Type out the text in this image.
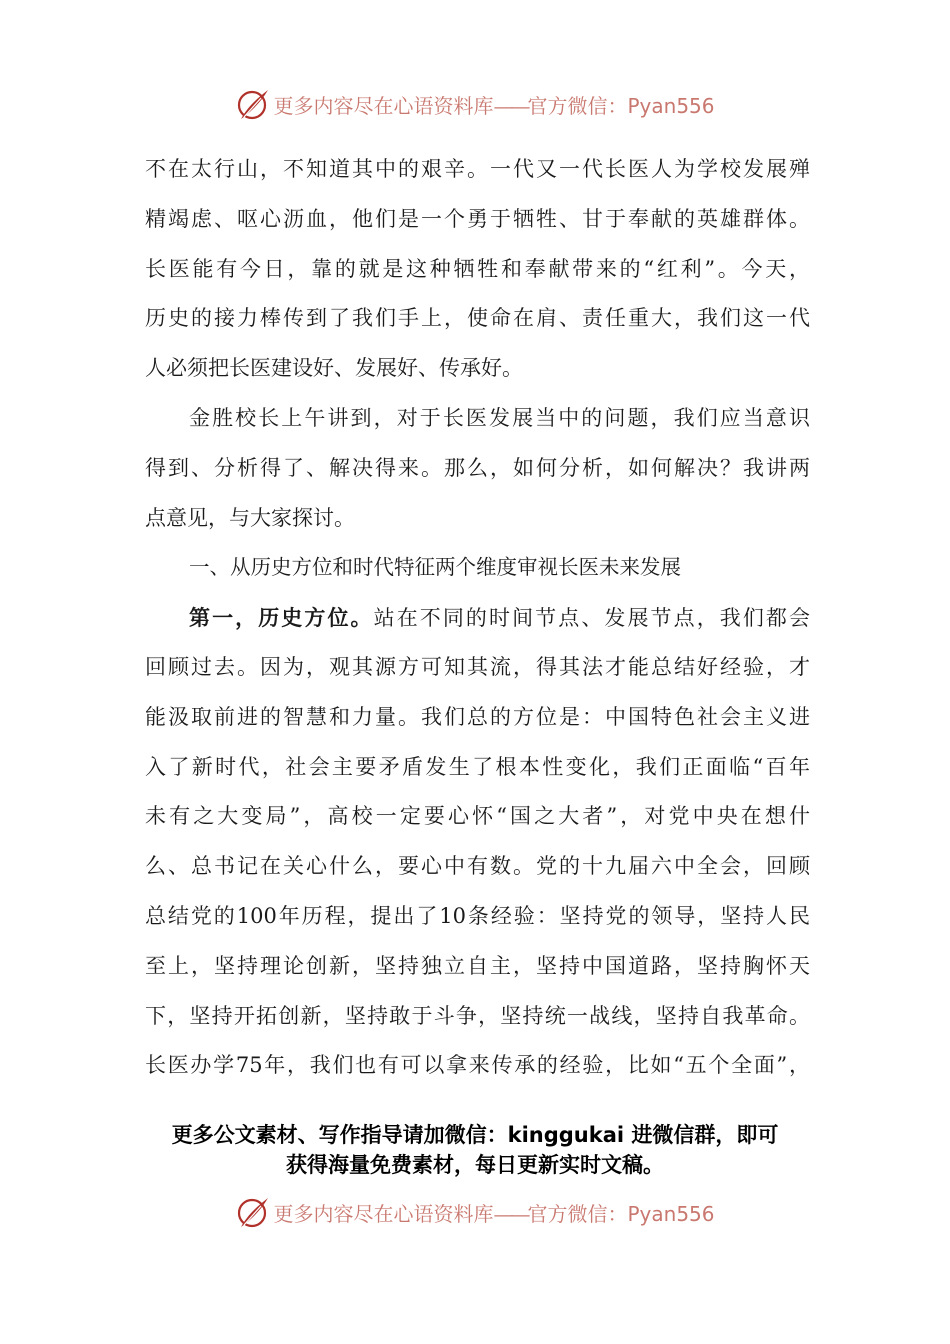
更多内容尽在心语资料库——官方微信：Pyan556
不在太行山，不知道其中的艰辛。一代又一代长医人为学校发展殚
精竭虑、呕心沥血，他们是一个勇于牺牲、甘于奉献的英雄群体。
长医能有今日，靠的就是这种牺牲和奉献带来的“红利”。今天，
历史的接力棒传到了我们手上，使命在肩、责任重大，我们这一代
人必须把长医建设好、发展好、传承好。
金胜校长上午讲到，对于长医发展当中的问题，我们应当意识
得到、分析得了、解决得来。那么，如何分析，如何解决？我讲两
点意见，与大家探讨。
一、从历史方位和时代特征两个维度审视长医未来发展
第一，历史方位。站在不同的时间节点、发展节点，我们都会
回顾过去。因为，观其源方可知其流，得其法才能总结好经验，才
能汲取前进的智慧和力量。我们总的方位是：中国特色社会主义进
入了新时代，社会主要矛盾发生了根本性变化，我们正面临“百年
未有之大变局”，高校一定要心怀“国之大者”，对党中央在想什
么、总书记在关心什么，要心中有数。党的十九届六中全会，回顾
总结党的100年历程，提出了10条经验：坚持党的领导，坚持人民
至上，坚持理论创新，坚持独立自主，坚持中国道路，坚持胸怀天
下，坚持开拓创新，坚持敢于斗争，坚持统一战线，坚持自我革命。
长医办学75年，我们也有可以拿来传承的经验，比如“五个全面”，
更多公文素材、写作指导请加微信：kinggukai 进微信群，即可
获得海量免费素材，每日更新实时文稿。
更多内容尽在心语资料库——官方微信：Pyan556
